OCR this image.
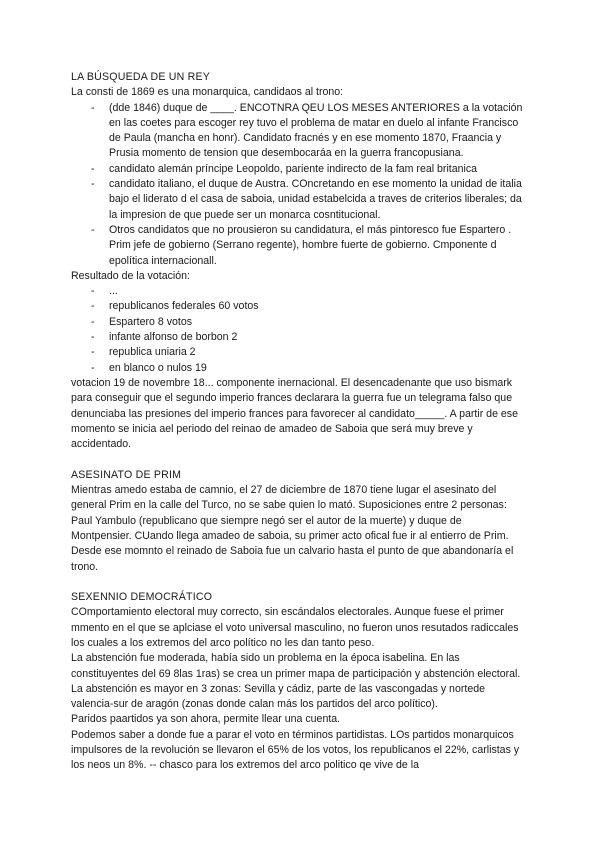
LA BÚSQUEDA DE UN REY

La consti de 1869 es una monarquica, candidaos al trono:

- (dde 1846) duque de ____. ENCOTNRA QEU LOS MESES ANTERIORES a la votación en las coetes para escoger rey tuvo el problema de matar en duelo al infante Francisco de Paula (mancha en honr). Candidato fracnés y en ese momento 1870, Fraancia y Prusia momento de tension que desembocaráa en la guerra francopusiana.
- candidato alemán príncipe Leopoldo, pariente indirecto de la fam real britanica
- candidato italiano, el duque de Austra. COncretando en ese momento la unidad de italia bajo el liderato d el casa de saboia, unidad estabelcida a traves de criterios liberales; da la impresion de que puede ser un monarca cosntitucional.
- Otros candidatos que no prousieron su candidatura, el más pintoresco fue Espartero . Prim jefe de gobierno (Serrano regente), hombre fuerte de gobierno. Cmponente d epolítica internacionall.

Resultado de la votación:

- ...
- republicanos federales 60 votos
- Espartero 8 votos
- infante alfonso de borbon 2
- republica uniaria 2
- en blanco o nulos 19

votacion 19 de novembre 18... componente inernacional. El desencadenante que uso bismark para conseguir que el segundo imperio frances declarara la guerra fue un telegrama falso que denunciaba las presiones del imperio frances para favorecer al candidato_____. A partir de ese momento se inicia ael periodo del reinao de amadeo de Saboia que será muy breve y accidentado.

ASESINATO DE PRIM

Mientras amedo estaba de camnio, el 27 de diciembre de 1870 tiene lugar el asesinato del general Prim en la calle del Turco, no se sabe quien lo mató. Suposiciones entre 2 personas: Paul Yambulo (republicano que siempre negó ser el autor de la muerte) y duque de Montpensier. CUando llega amadeo de saboia, su primer acto ofical fue ir al entierro de Prim. Desde ese momnto el reinado de Saboia fue un calvario hasta el punto de que abandonaría el trono.

SEXENNIO DEMOCRÁTICO

COmportamiento electoral muy correcto, sin escándalos electorales. Aunque fuese el primer mmento en el que se aplciase el voto universal masculino, no fueron unos resutados radiccales los cuales a los extremos del arco político no les dan tanto peso.

La abstención fue moderada, había sido un problema en la época isabelina. En las constituyentes del 69 8las 1ras) se crea un primer mapa de participación y abstención electoral. La abstención es mayor en 3 zonas: Sevilla y cádiz, parte de las vascongadas y nortede valencia-sur de aragón (zonas donde calan más los partidos del arco político).

Paridos paartidos ya son ahora, permite llear una cuenta.

Podemos saber a donde fue a parar el voto en términos partidistas. LOs partidos monarquicos impulsores de la revolución se llevaron el 65% de los votos, los republicanos el 22%, carlistas y los neos un 8%. -- chasco para los extremos del arco politico qe vive de la
